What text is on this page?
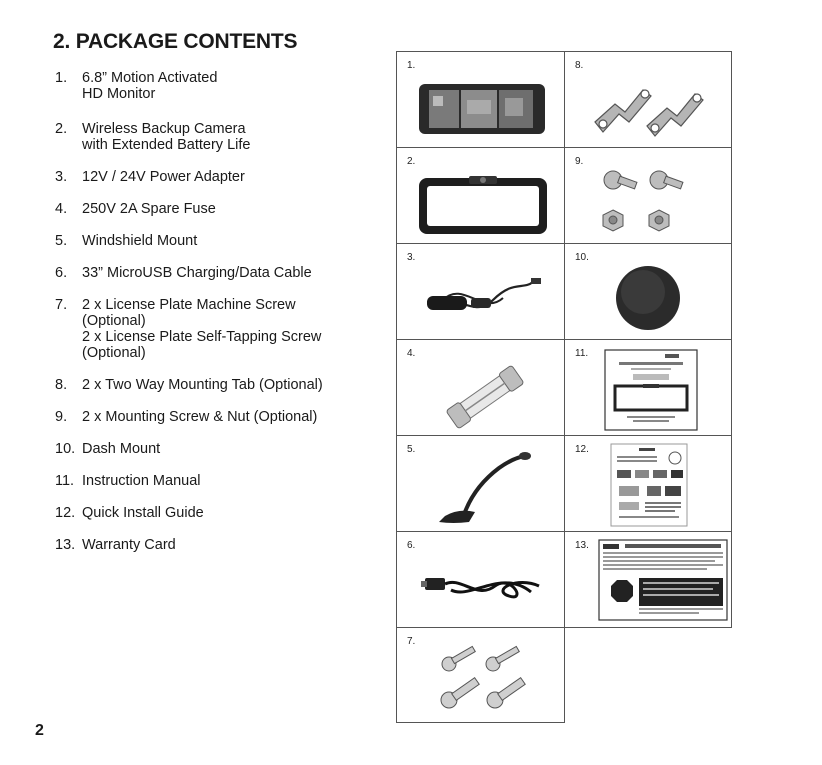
2. PACKAGE CONTENTS
1. 6.8” Motion Activated
HD Monitor
2. Wireless Backup Camera
with Extended Battery Life
3. 12V / 24V Power Adapter
4. 250V 2A Spare Fuse
5. Windshield Mount
6. 33” MicroUSB Charging/Data Cable
7. 2 x License Plate Machine Screw
(Optional)
2 x License Plate Self-Tapping Screw
(Optional)
8. 2 x Two Way Mounting Tab (Optional)
9. 2 x Mounting Screw & Nut (Optional)
10. Dash Mount
11. Instruction Manual
12. Quick Install Guide
13. Warranty Card
1.
2.
3.
4.
5.
6.
7.
8.
9.
10.
11.
12.
13.
2
